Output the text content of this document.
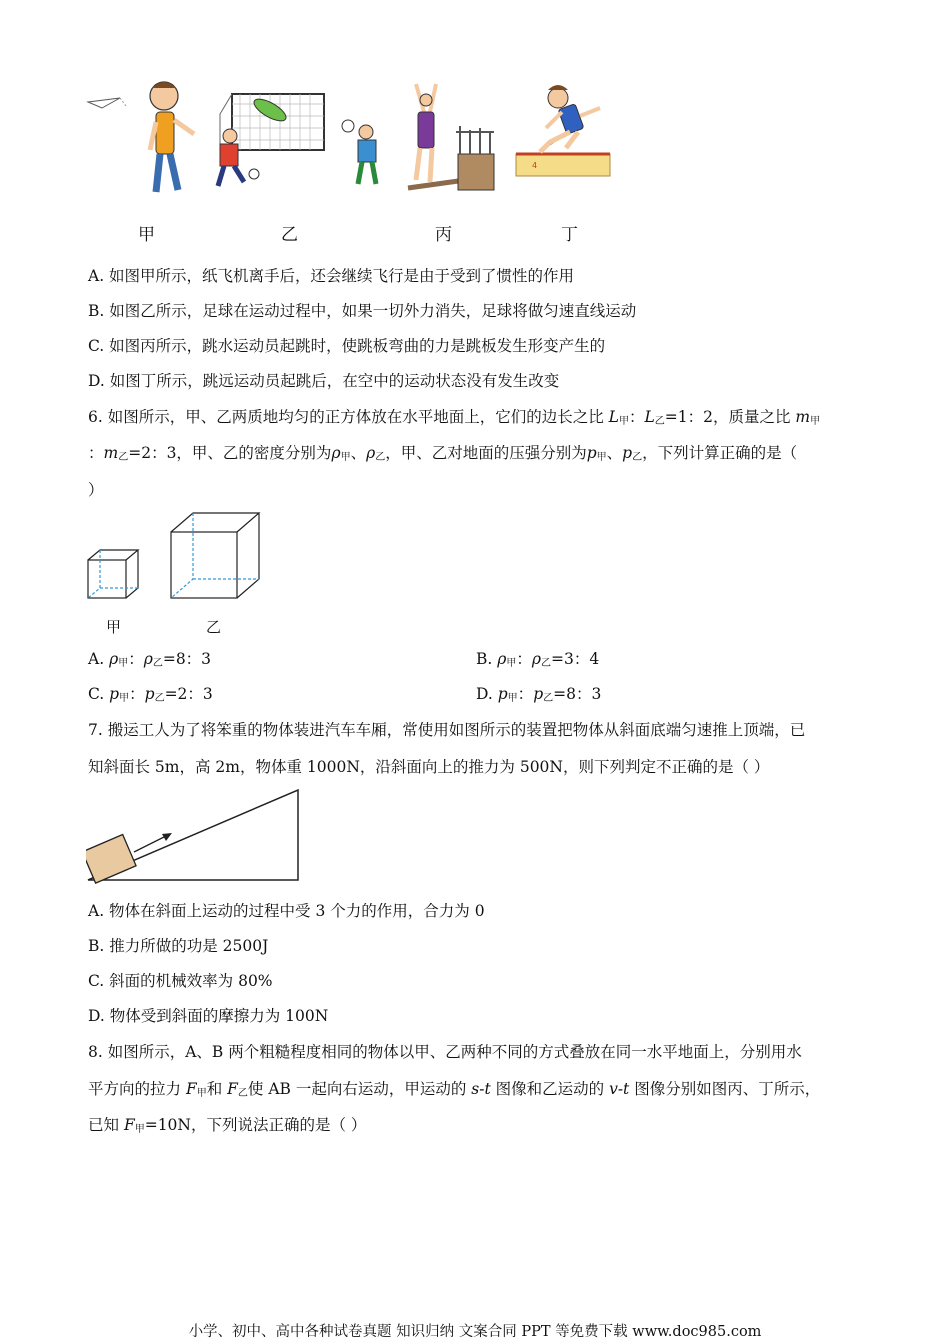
4
甲	乙	丙	丁
A. 如图甲所示，纸飞机离手后，还会继续飞行是由于受到了惯性的作用
B. 如图乙所示，足球在运动过程中，如果一切外力消失，足球将做匀速直线运动
C. 如图丙所示，跳水运动员起跳时，使跳板弯曲的力是跳板发生形变产生的
D. 如图丁所示，跳远运动员起跳后，在空中的运动状态没有发生改变
6. 如图所示，甲、乙两质地均匀的正方体放在水平地面上，它们的边长之比 $L_甲$：$L_乙=1$：2，质量之比 $m_甲$
：$m_乙=2$：3，甲、乙的密度分别为$\rho_甲$、$\rho_乙$，甲、乙对地面的压强分别为$p_甲$、$p_乙$，下列计算正确的是（
）
甲	乙
A. $\rho_甲$：$\rho_乙=8$：3	B. $\rho_甲$：$\rho_乙=3$：4
C. $p_甲$：$p_乙=2$：3	D. $p_甲$：$p_乙=8$：3
7. 搬运工人为了将笨重的物体装进汽车车厢，常使用如图所示的装置把物体从斜面底端匀速推上顶端，已
知斜面长 5m，高 2m，物体重 1000N，沿斜面向上的推力为 500N，则下列判定不正确的是（ ）
A. 物体在斜面上运动的过程中受 3 个力的作用，合力为 0
B. 推力所做的功是 2500J
C. 斜面的机械效率为 80%
D. 物体受到斜面的摩擦力为 100N
8. 如图所示，A、B 两个粗糙程度相同的物体以甲、乙两种不同的方式叠放在同一水平地面上，分别用水
平方向的拉力 $F_甲$和 $F_乙$使 AB 一起向右运动，甲运动的 s-t 图像和乙运动的 v-t 图像分别如图丙、丁所示，
已知 $F_甲=10N$，下列说法正确的是（ ）
小学、初中、高中各种试卷真题 知识归纳 文案合同 PPT 等免费下载 www.doc985.com
